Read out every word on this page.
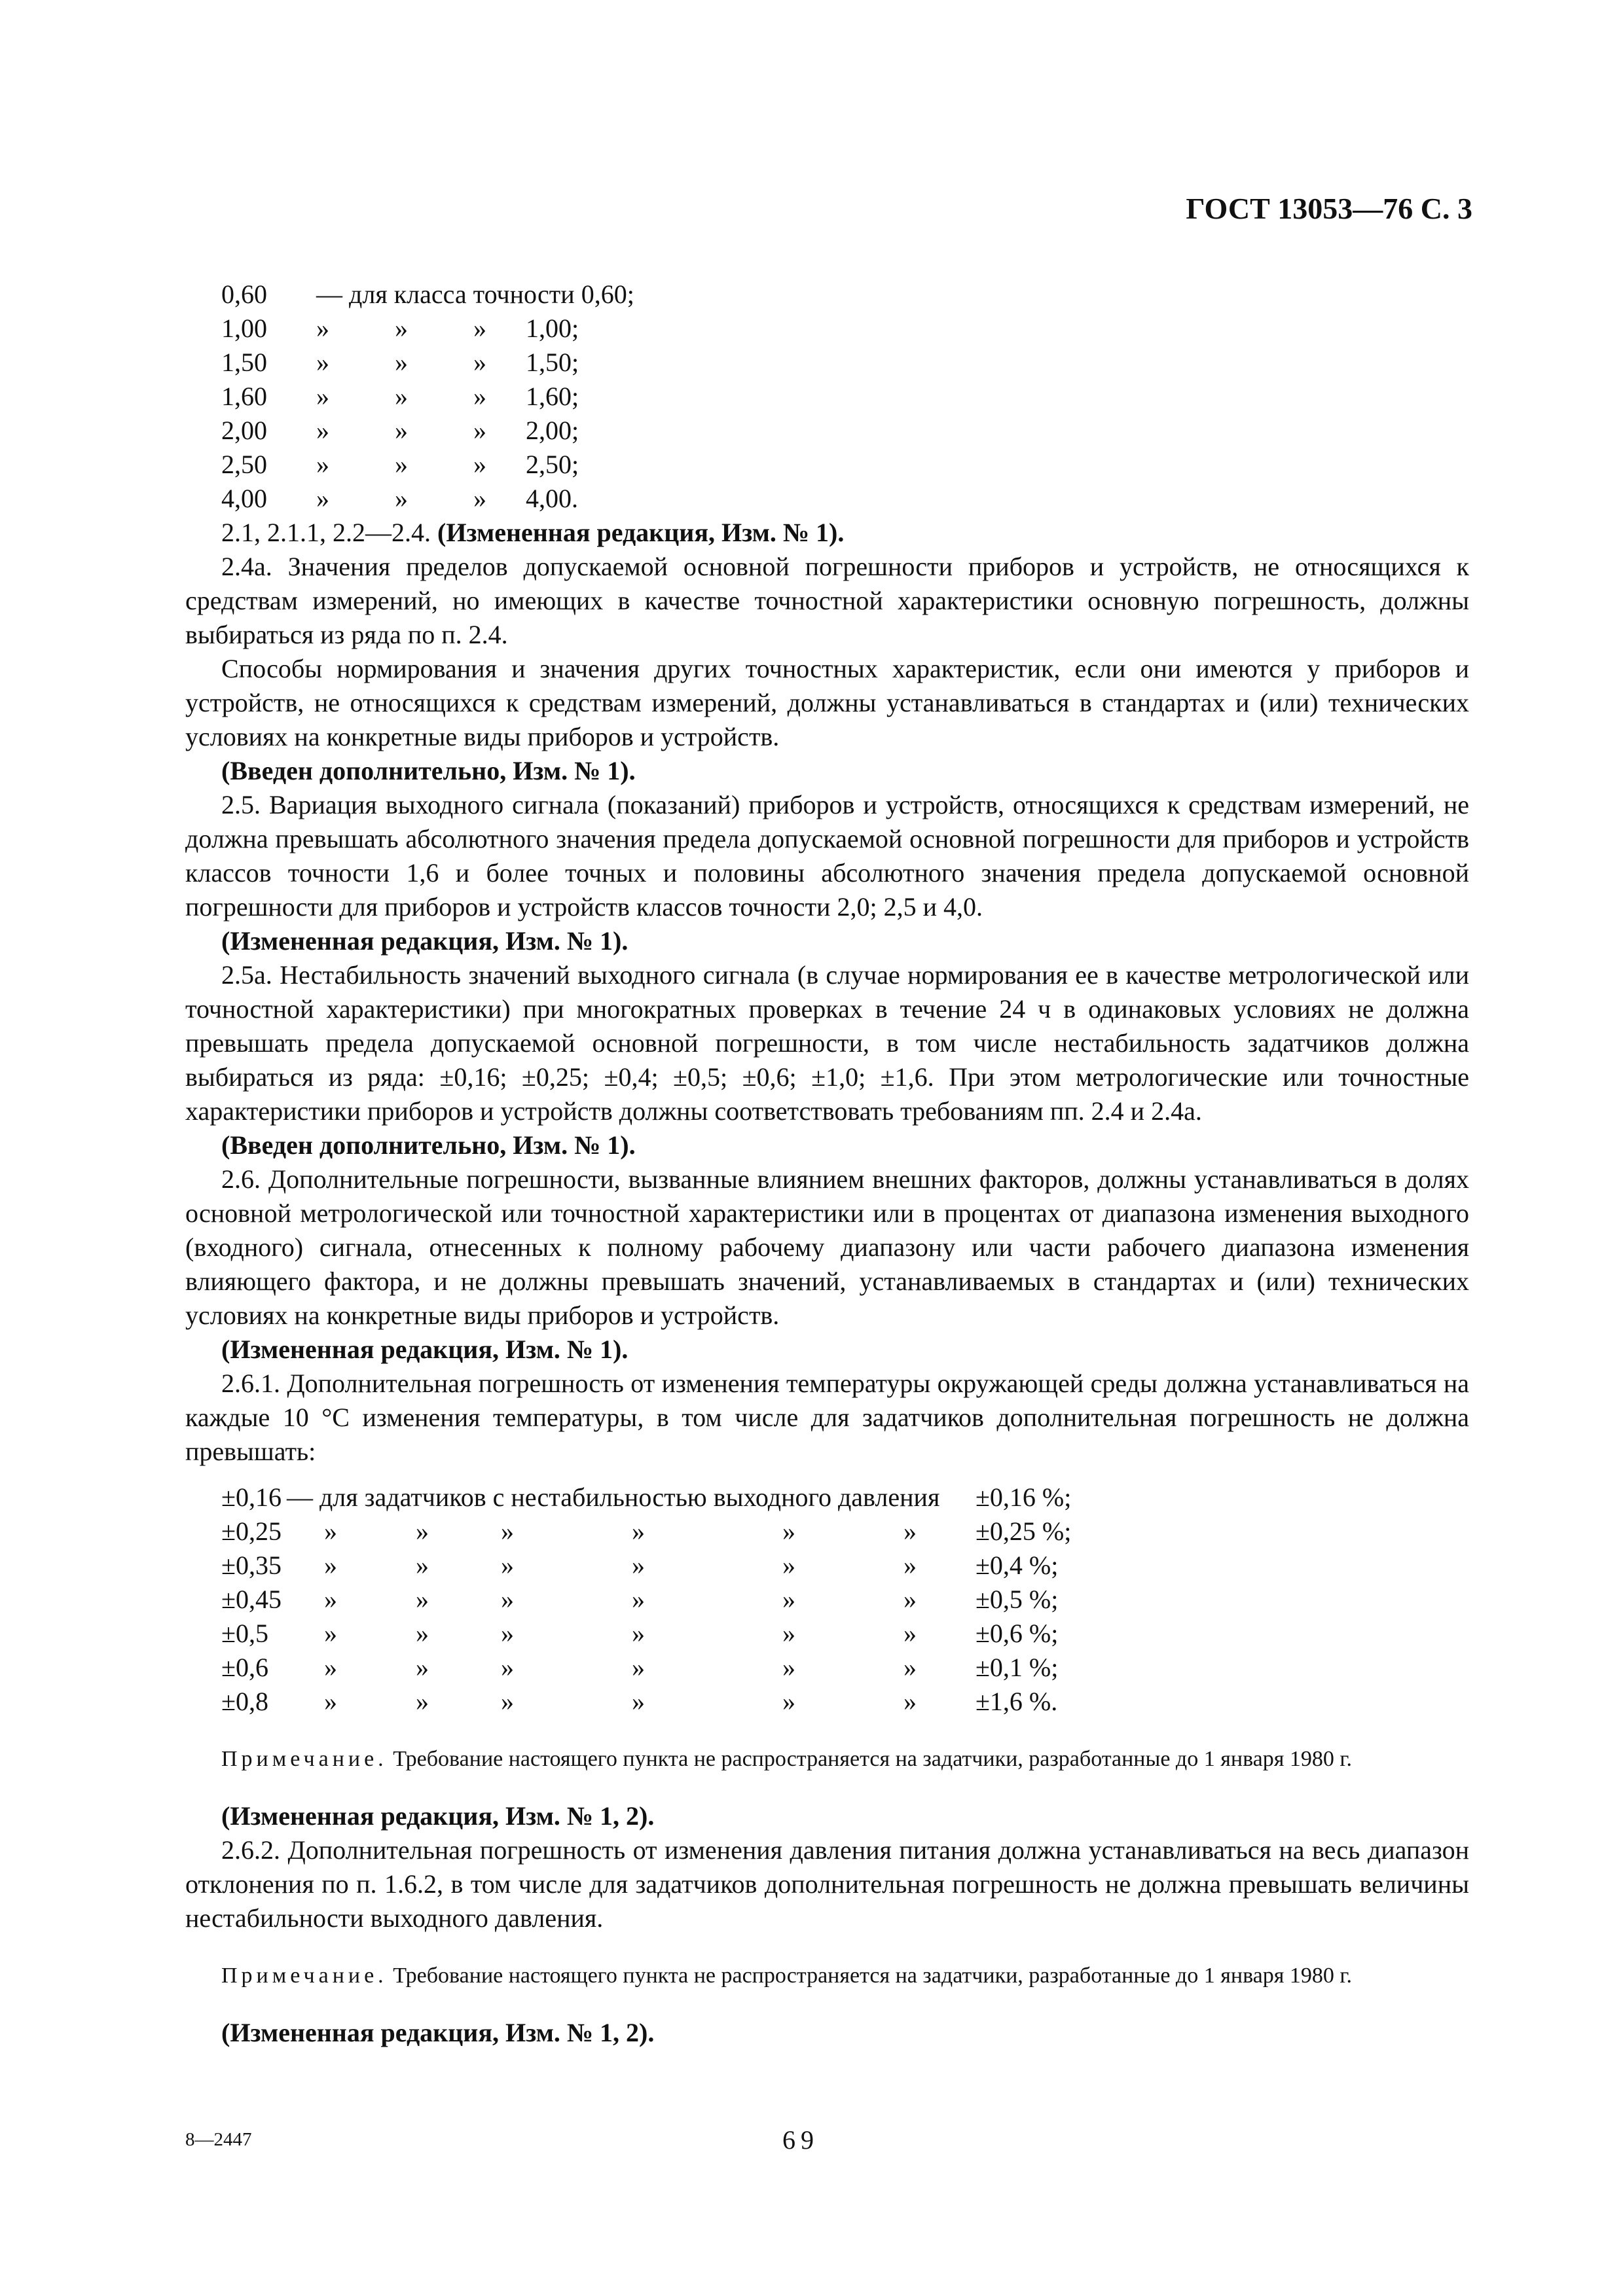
ГОСТ 13053—76 С. 3
0,60	— для класса точности 0,60;
1,00	»          »          »      1,00;
1,50	»          »          »      1,50;
1,60	»          »          »      1,60;
2,00	»          »          »      2,00;
2,50	»          »          »      2,50;
4,00	»          »          »      4,00.

2.1, 2.1.1, 2.2—2.4. (Измененная редакция, Изм. № 1).

2.4а. Значения пределов допускаемой основной погрешности приборов и устройств, не относящихся к средствам измерений, но имеющих в качестве точностной характеристики основную погрешность, должны выбираться из ряда по п. 2.4.

Способы нормирования и значения других точностных характеристик, если они имеются у приборов и устройств, не относящихся к средствам измерений, должны устанавливаться в стандартах и (или) технических условиях на конкретные виды приборов и устройств.

(Введен дополнительно, Изм. № 1).

2.5. Вариация выходного сигнала (показаний) приборов и устройств, относящихся к средствам измерений, не должна превышать абсолютного значения предела допускаемой основной погрешности для приборов и устройств классов точности 1,6 и более точных и половины абсолютного значения предела допускаемой основной погрешности для приборов и устройств классов точности 2,0; 2,5 и 4,0.

(Измененная редакция, Изм. № 1).

2.5а. Нестабильность значений выходного сигнала (в случае нормирования ее в качестве метрологической или точностной характеристики) при многократных проверках в течение 24 ч в одинаковых условиях не должна превышать предела допускаемой основной погрешности, в том числе нестабильность задатчиков должна выбираться из ряда: ±0,16; ±0,25; ±0,4; ±0,5; ±0,6; ±1,0; ±1,6. При этом метрологические или точностные характеристики приборов и устройств должны соответствовать требованиям пп. 2.4 и 2.4а.

(Введен дополнительно, Изм. № 1).

2.6. Дополнительные погрешности, вызванные влиянием внешних факторов, должны устанавливаться в долях основной метрологической или точностной характеристики или в процентах от диапазона изменения выходного (входного) сигнала, отнесенных к полному рабочему диапазону или части рабочего диапазона изменения влияющего фактора, и не должны превышать значений, устанавливаемых в стандартах и (или) технических условиях на конкретные виды приборов и устройств.

(Измененная редакция, Изм. № 1).

2.6.1. Дополнительная погрешность от изменения температуры окружающей среды должна устанавливаться на каждые 10 °С изменения температуры, в том числе для задатчиков дополнительная погрешность не должна превышать:

±0,16	— для задатчиков с нестабильностью выходного давления						±0,16 %;
±0,25	»	»	»	»	»	»	±0,25 %;
±0,35	»	»	»	»	»	»	±0,4 %;
±0,45	»	»	»	»	»	»	±0,5 %;
±0,5	»	»	»	»	»	»	±0,6 %;
±0,6	»	»	»	»	»	»	±0,1 %;
±0,8	»	»	»	»	»	»	±1,6 %.

Примечание. Требование настоящего пункта не распространяется на задатчики, разработанные до 1 января 1980 г.

(Измененная редакция, Изм. № 1, 2).

2.6.2. Дополнительная погрешность от изменения давления питания должна устанавливаться на весь диапазон отклонения по п. 1.6.2, в том числе для задатчиков дополнительная погрешность не должна превышать величины нестабильности выходного давления.

Примечание. Требование настоящего пункта не распространяется на задатчики, разработанные до 1 января 1980 г.

(Измененная редакция, Изм. № 1, 2).

8—2447	69
